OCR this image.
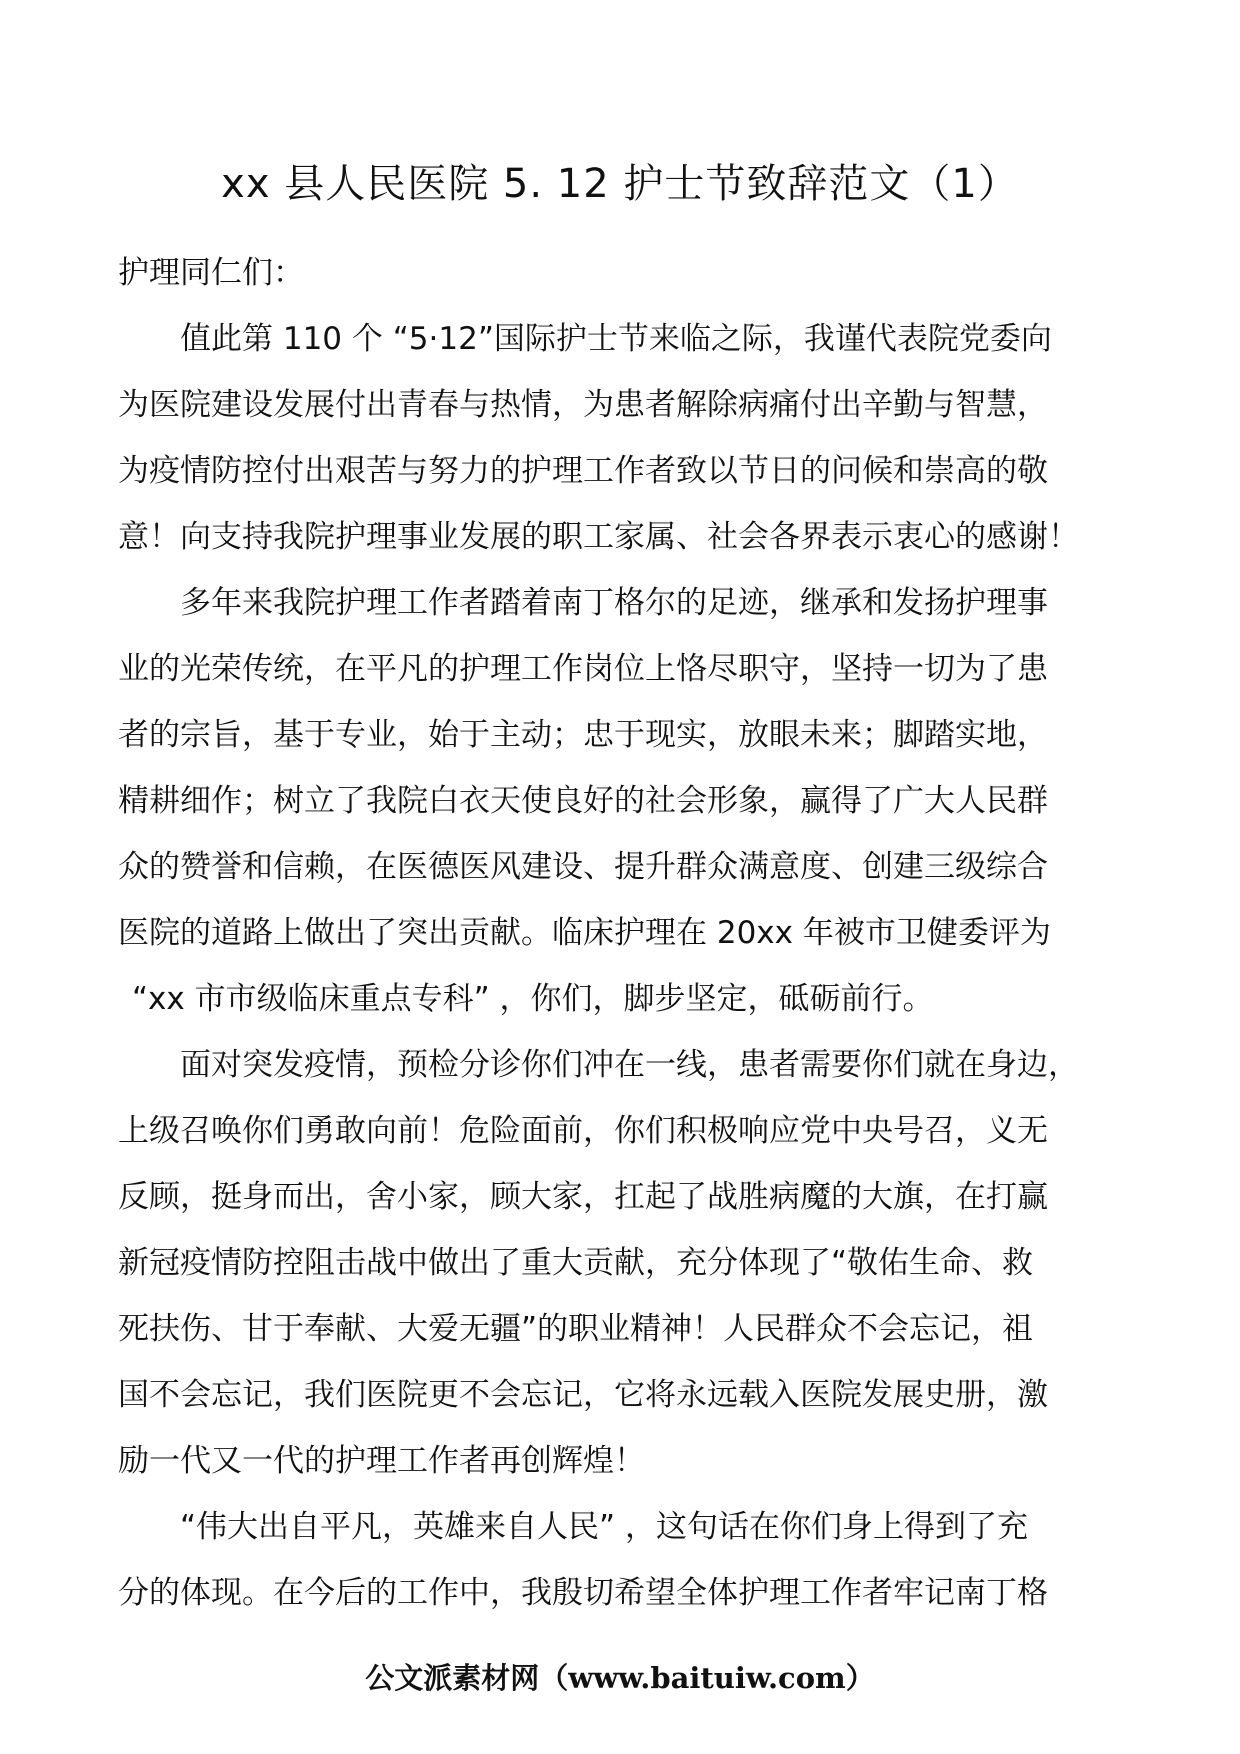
xx 县人民医院 5. 12 护士节致辞范文（1）

护理同仁们：

值此第 110 个 “5·12”国际护士节来临之际，我谨代表院党委向
为医院建设发展付出青春与热情，为患者解除病痛付出辛勤与智慧，
为疫情防控付出艰苦与努力的护理工作者致以节日的问候和崇高的敬
意！向支持我院护理事业发展的职工家属、社会各界表示衷心的感谢！

多年来我院护理工作者踏着南丁格尔的足迹，继承和发扬护理事
业的光荣传统，在平凡的护理工作岗位上恪尽职守，坚持一切为了患
者的宗旨，基于专业，始于主动；忠于现实，放眼未来；脚踏实地，
精耕细作；树立了我院白衣天使良好的社会形象，赢得了广大人民群
众的赞誉和信赖，在医德医风建设、提升群众满意度、创建三级综合
医院的道路上做出了突出贡献。临床护理在 20xx 年被市卫健委评为
“xx 市市级临床重点专科” ，你们，脚步坚定，砥砺前行。

面对突发疫情，预检分诊你们冲在一线，患者需要你们就在身边，
上级召唤你们勇敢向前！危险面前，你们积极响应党中央号召，义无
反顾，挺身而出，舍小家，顾大家，扛起了战胜病魔的大旗，在打赢
新冠疫情防控阻击战中做出了重大贡献，充分体现了“敬佑生命、救
死扶伤、甘于奉献、大爱无疆”的职业精神！人民群众不会忘记，祖
国不会忘记，我们医院更不会忘记，它将永远载入医院发展史册，激
励一代又一代的护理工作者再创辉煌！

“伟大出自平凡，英雄来自人民” ，这句话在你们身上得到了充
分的体现。在今后的工作中，我殷切希望全体护理工作者牢记南丁格

公文派素材网（www.baituiw.com）
